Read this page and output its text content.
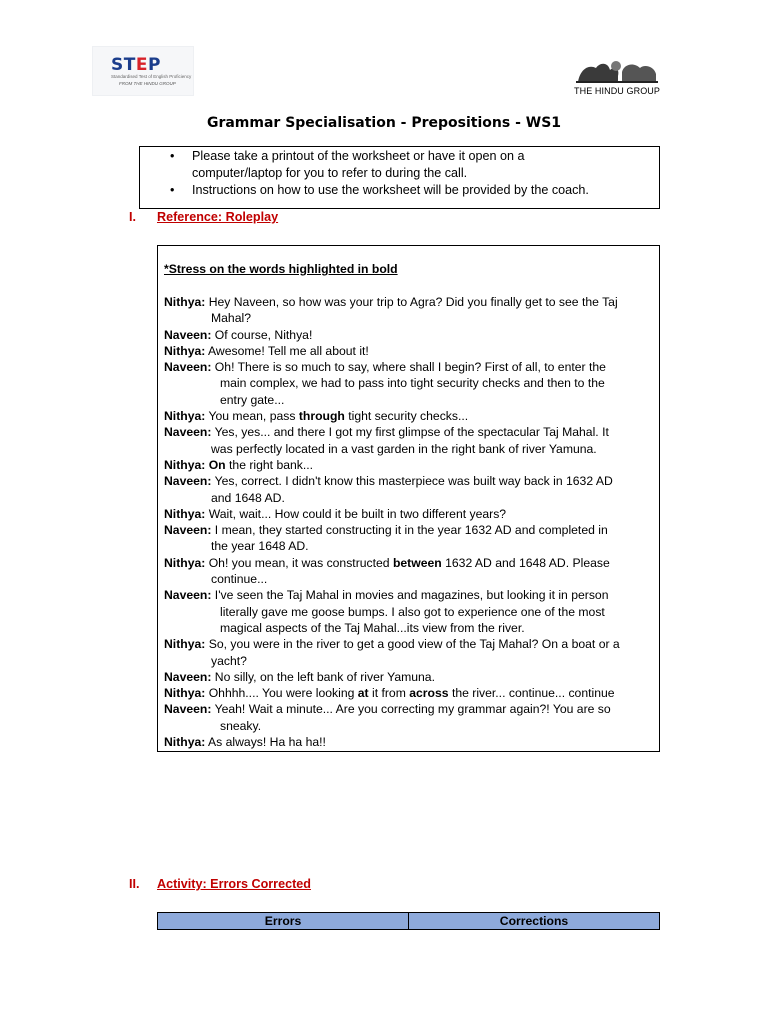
STEP
Standardised Test of English Proficiency
FROM THE HINDU GROUP
THE HINDU GROUP
Grammar Specialisation - Prepositions - WS1
• Please take a printout of the worksheet or have it open on a
computer/laptop for you to refer to during the call.
• Instructions on how to use the worksheet will be provided by the coach.
I. Reference: Roleplay
*Stress on the words highlighted in bold
Nithya: Hey Naveen, so how was your trip to Agra? Did you finally get to see the Taj
Mahal?
Naveen: Of course, Nithya!
Nithya: Awesome! Tell me all about it!
Naveen: Oh! There is so much to say, where shall I begin? First of all, to enter the
main complex, we had to pass into tight security checks and then to the
entry gate...
Nithya: You mean, pass through tight security checks...
Naveen: Yes, yes... and there I got my first glimpse of the spectacular Taj Mahal. It
was perfectly located in a vast garden in the right bank of river Yamuna.
Nithya: On the right bank...
Naveen: Yes, correct. I didn't know this masterpiece was built way back in 1632 AD
and 1648 AD.
Nithya: Wait, wait... How could it be built in two different years?
Naveen: I mean, they started constructing it in the year 1632 AD and completed in
the year 1648 AD.
Nithya: Oh! you mean, it was constructed between 1632 AD and 1648 AD. Please
continue...
Naveen: I've seen the Taj Mahal in movies and magazines, but looking it in person
literally gave me goose bumps. I also got to experience one of the most
magical aspects of the Taj Mahal...its view from the river.
Nithya: So, you were in the river to get a good view of the Taj Mahal? On a boat or a
yacht?
Naveen: No silly, on the left bank of river Yamuna.
Nithya: Ohhhh.... You were looking at it from across the river... continue... continue
Naveen: Yeah! Wait a minute... Are you correcting my grammar again?! You are so
sneaky.
Nithya: As always! Ha ha ha!!
II. Activity: Errors Corrected
Errors	Corrections
